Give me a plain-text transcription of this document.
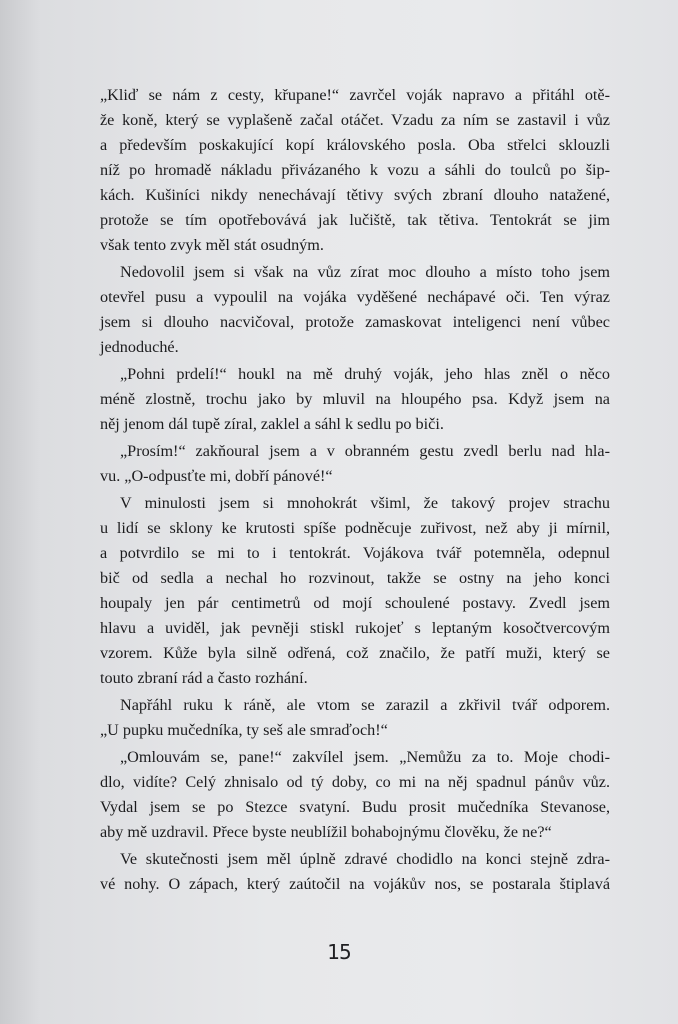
„Kliď se nám z cesty, křupane!“ zavrčel voják napravo a přitáhl otě-

že koně, který se vyplašeně začal otáčet. Vzadu za ním se zastavil i vůz

a především poskakující kopí královského posla. Oba střelci sklouzli

níž po hromadě nákladu přivázaného k vozu a sáhli do toulců po šip-

kách. Kušiníci nikdy nenechávají tětivy svých zbraní dlouho natažené,

protože se tím opotřebovává jak lučiště, tak tětiva. Tentokrát se jim

však tento zvyk měl stát osudným.

Nedovolil jsem si však na vůz zírat moc dlouho a místo toho jsem

otevřel pusu a vypoulil na vojáka vyděšené nechápavé oči. Ten výraz

jsem si dlouho nacvičoval, protože zamaskovat inteligenci není vůbec

jednoduché.

„Pohni prdelí!“ houkl na mě druhý voják, jeho hlas zněl o něco

méně zlostně, trochu jako by mluvil na hloupého psa. Když jsem na

něj jenom dál tupě zíral, zaklel a sáhl k sedlu po biči.

„Prosím!“ zakňoural jsem a v obranném gestu zvedl berlu nad hla-

vu. „O-odpusťte mi, dobří pánové!“

V minulosti jsem si mnohokrát všiml, že takový projev strachu

u lidí se sklony ke krutosti spíše podněcuje zuřivost, než aby ji mírnil,

a potvrdilo se mi to i tentokrát. Vojákova tvář potemněla, odepnul

bič od sedla a nechal ho rozvinout, takže se ostny na jeho konci

houpaly jen pár centimetrů od mojí schoulené postavy. Zvedl jsem

hlavu a uviděl, jak pevněji stiskl rukojeť s leptaným kosočtvercovým

vzorem. Kůže byla silně odřená, což značilo, že patří muži, který se

touto zbraní rád a často rozhání.

Napřáhl ruku k ráně, ale vtom se zarazil a zkřivil tvář odporem.

„U pupku mučedníka, ty seš ale smraďoch!“

„Omlouvám se, pane!“ zakvílel jsem. „Nemůžu za to. Moje chodi-

dlo, vidíte? Celý zhnisalo od tý doby, co mi na něj spadnul pánův vůz.

Vydal jsem se po Stezce svatyní. Budu prosit mučedníka Stevanose,

aby mě uzdravil. Přece byste neublížil bohabojnýmu člověku, že ne?“

Ve skutečnosti jsem měl úplně zdravé chodidlo na konci stejně zdra-

vé nohy. O zápach, který zaútočil na vojákův nos, se postarala štiplavá

15
